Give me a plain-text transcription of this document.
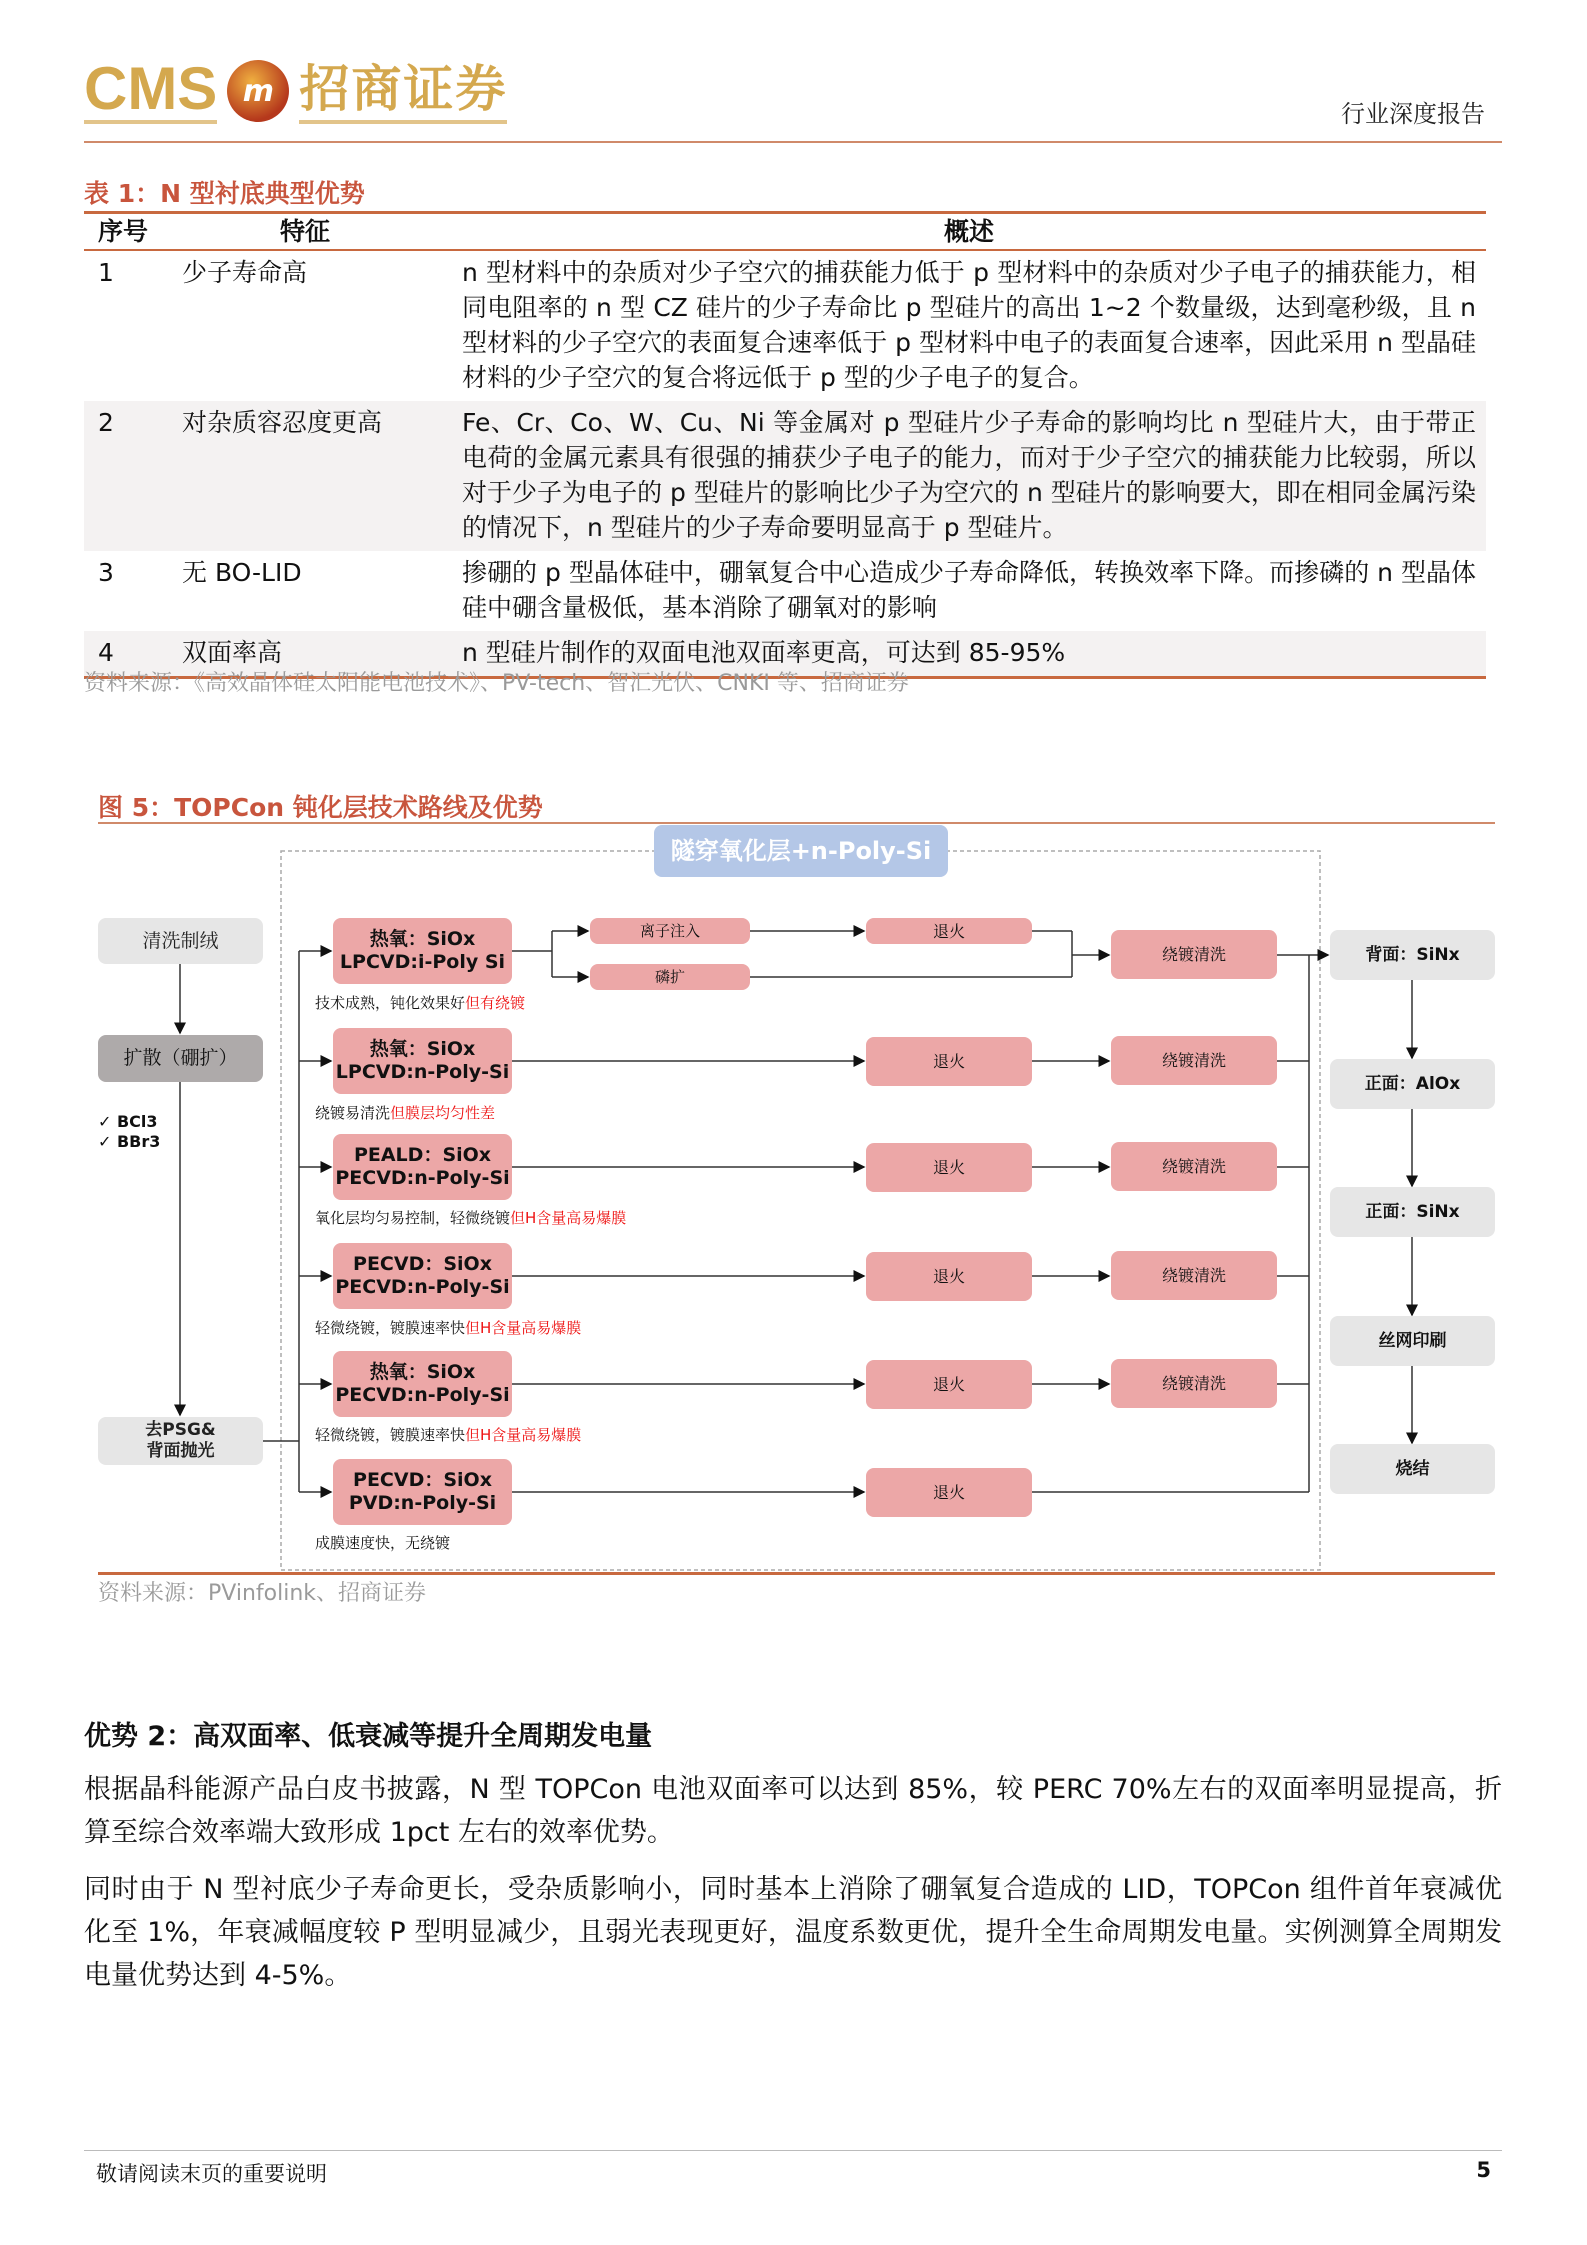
CMS m 招商证券	行业深度报告
表 1：N 型衬底典型优势
序号	特征	概述
1	少子寿命高	n 型材料中的杂质对少子空穴的捕获能力低于 p 型材料中的杂质对少子电子的捕获能力，相同电阻率的 n 型 CZ 硅片的少子寿命比 p 型硅片的高出 1~2 个数量级，达到毫秒级，且 n 型材料的少子空穴的表面复合速率低于 p 型材料中电子的表面复合速率，因此采用 n 型晶硅材料的少子空穴的复合将远低于 p 型的少子电子的复合。
2	对杂质容忍度更高	Fe、Cr、Co、W、Cu、Ni 等金属对 p 型硅片少子寿命的影响均比 n 型硅片大，由于带正电荷的金属元素具有很强的捕获少子电子的能力，而对于少子空穴的捕获能力比较弱，所以对于少子为电子的 p 型硅片的影响比少子为空穴的 n 型硅片的影响要大，即在相同金属污染的情况下，n 型硅片的少子寿命要明显高于 p 型硅片。
3	无 BO-LID	掺硼的 p 型晶体硅中，硼氧复合中心造成少子寿命降低，转换效率下降。而掺磷的 n 型晶体硅中硼含量极低，基本消除了硼氧对的影响
4	双面率高	n 型硅片制作的双面电池双面率更高，可达到 85-95%
资料来源：《高效晶体硅太阳能电池技术》、PV-tech、智汇光伏、CNKI 等、招商证券
图 5：TOPCon 钝化层技术路线及优势
隧穿氧化层+n-Poly-Si
清洗制绒
扩散（硼扩）
✓ BCl3
✓ BBr3
去PSG&
背面抛光
热氧：SiOx
LPCVD:i-Poly Si
技术成熟，钝化效果好但有绕镀
退火
绕镀清洗
热氧：SiOx
LPCVD:n-Poly-Si
绕镀易清洗但膜层均匀性差
退火	绕镀清洗
PEALD：SiOx
PECVD:n-Poly-Si
氧化层均匀易控制，轻微绕镀但H含量高易爆膜
退火	绕镀清洗
PECVD：SiOx
PECVD:n-Poly-Si
轻微绕镀，镀膜速率快但H含量高易爆膜
退火	绕镀清洗
热氧：SiOx
PECVD:n-Poly-Si
轻微绕镀，镀膜速率快但H含量高易爆膜
退火	绕镀清洗
PECVD：SiOx
PVD:n-Poly-Si
成膜速度快，无绕镀
退火
离子注入
磷扩
背面：SiNx
正面：AlOx
正面：SiNx
丝网印刷
烧结
资料来源：PVinfolink、招商证券
优势 2：高双面率、低衰减等提升全周期发电量
根据晶科能源产品白皮书披露，N 型 TOPCon 电池双面率可以达到 85%，较 PERC 70%左右的双面率明显提高，折算至综合效率端大致形成 1pct 左右的效率优势。
同时由于 N 型衬底少子寿命更长，受杂质影响小，同时基本上消除了硼氧复合造成的 LID，TOPCon 组件首年衰减优化至 1%，年衰减幅度较 P 型明显减少，且弱光表现更好，温度系数更优，提升全生命周期发电量。实例测算全周期发电量优势达到 4-5%。
敬请阅读末页的重要说明	5
